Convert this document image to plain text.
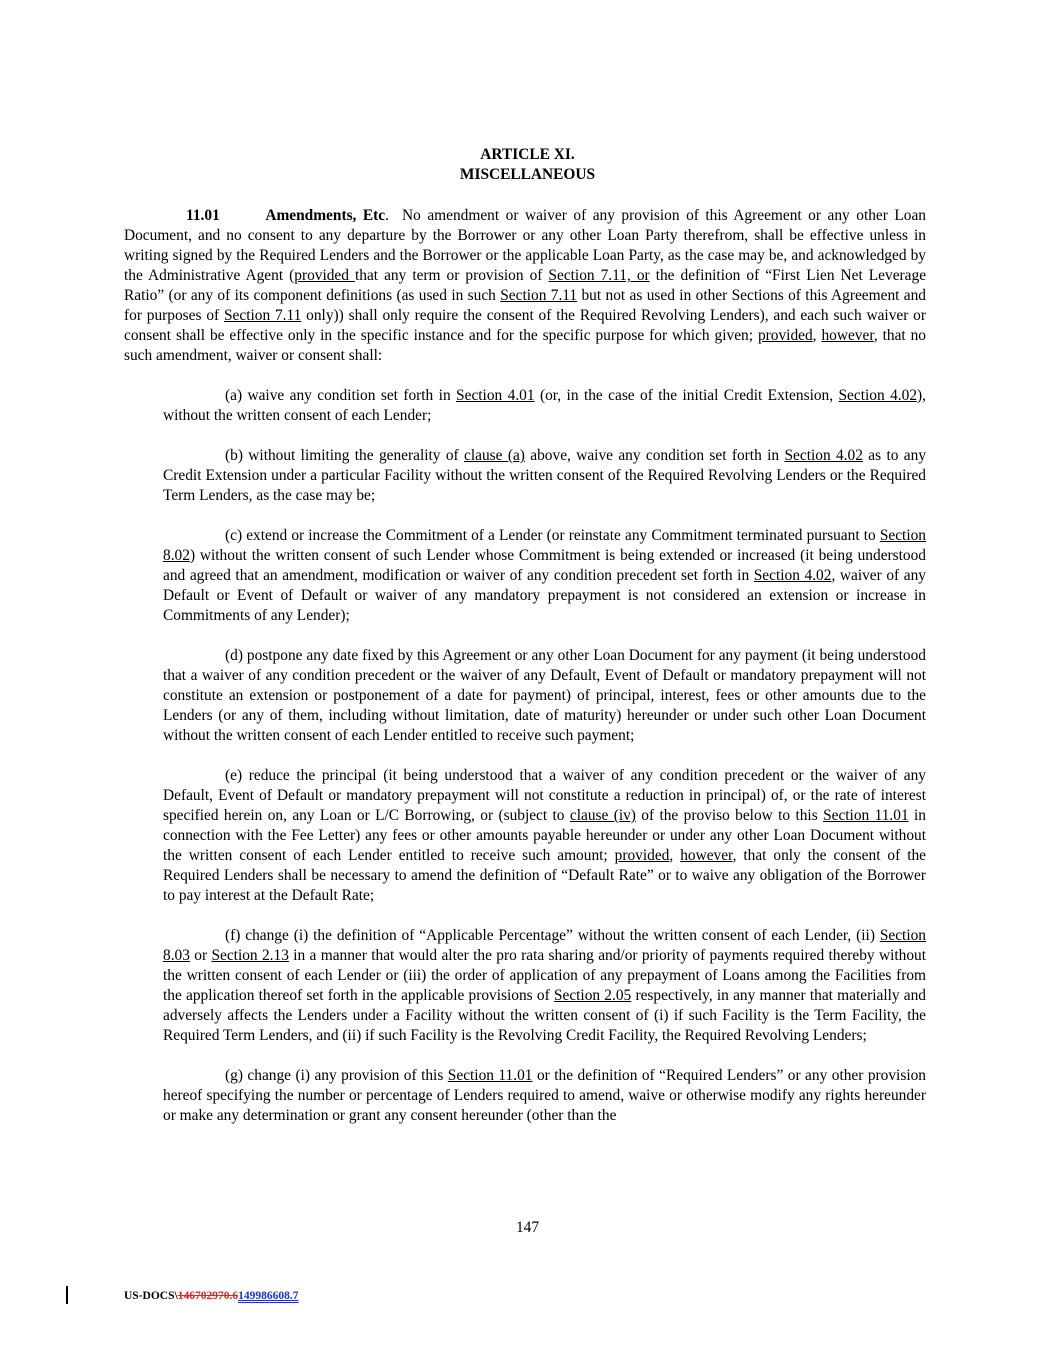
ARTICLE XI.
MISCELLANEOUS

11.01	Amendments, Etc. No amendment or waiver of any provision of this Agreement or any other Loan Document, and no consent to any departure by the Borrower or any other Loan Party therefrom, shall be effective unless in writing signed by the Required Lenders and the Borrower or the applicable Loan Party, as the case may be, and acknowledged by the Administrative Agent (provided that any term or provision of Section 7.11, or the definition of “First Lien Net Leverage Ratio” (or any of its component definitions (as used in such Section 7.11 but not as used in other Sections of this Agreement and for purposes of Section 7.11 only)) shall only require the consent of the Required Revolving Lenders), and each such waiver or consent shall be effective only in the specific instance and for the specific purpose for which given; provided, however, that no such amendment, waiver or consent shall:

(a) waive any condition set forth in Section 4.01 (or, in the case of the initial Credit Extension, Section 4.02), without the written consent of each Lender;

(b) without limiting the generality of clause (a) above, waive any condition set forth in Section 4.02 as to any Credit Extension under a particular Facility without the written consent of the Required Revolving Lenders or the Required Term Lenders, as the case may be;

(c) extend or increase the Commitment of a Lender (or reinstate any Commitment terminated pursuant to Section 8.02) without the written consent of such Lender whose Commitment is being extended or increased (it being understood and agreed that an amendment, modification or waiver of any condition precedent set forth in Section 4.02, waiver of any Default or Event of Default or waiver of any mandatory prepayment is not considered an extension or increase in Commitments of any Lender);

(d) postpone any date fixed by this Agreement or any other Loan Document for any payment (it being understood that a waiver of any condition precedent or the waiver of any Default, Event of Default or mandatory prepayment will not constitute an extension or postponement of a date for payment) of principal, interest, fees or other amounts due to the Lenders (or any of them, including without limitation, date of maturity) hereunder or under such other Loan Document without the written consent of each Lender entitled to receive such payment;

(e) reduce the principal (it being understood that a waiver of any condition precedent or the waiver of any Default, Event of Default or mandatory prepayment will not constitute a reduction in principal) of, or the rate of interest specified herein on, any Loan or L/C Borrowing, or (subject to clause (iv) of the proviso below to this Section 11.01 in connection with the Fee Letter) any fees or other amounts payable hereunder or under any other Loan Document without the written consent of each Lender entitled to receive such amount; provided, however, that only the consent of the Required Lenders shall be necessary to amend the definition of “Default Rate” or to waive any obligation of the Borrower to pay interest at the Default Rate;

(f) change (i) the definition of “Applicable Percentage” without the written consent of each Lender, (ii) Section 8.03 or Section 2.13 in a manner that would alter the pro rata sharing and/or priority of payments required thereby without the written consent of each Lender or (iii) the order of application of any prepayment of Loans among the Facilities from the application thereof set forth in the applicable provisions of Section 2.05 respectively, in any manner that materially and adversely affects the Lenders under a Facility without the written consent of (i) if such Facility is the Term Facility, the Required Term Lenders, and (ii) if such Facility is the Revolving Credit Facility, the Required Revolving Lenders;

(g) change (i) any provision of this Section 11.01 or the definition of “Required Lenders” or any other provision hereof specifying the number or percentage of Lenders required to amend, waive or otherwise modify any rights hereunder or make any determination or grant any consent hereunder (other than the

147
US-DOCS\146702970.6149986608.7
